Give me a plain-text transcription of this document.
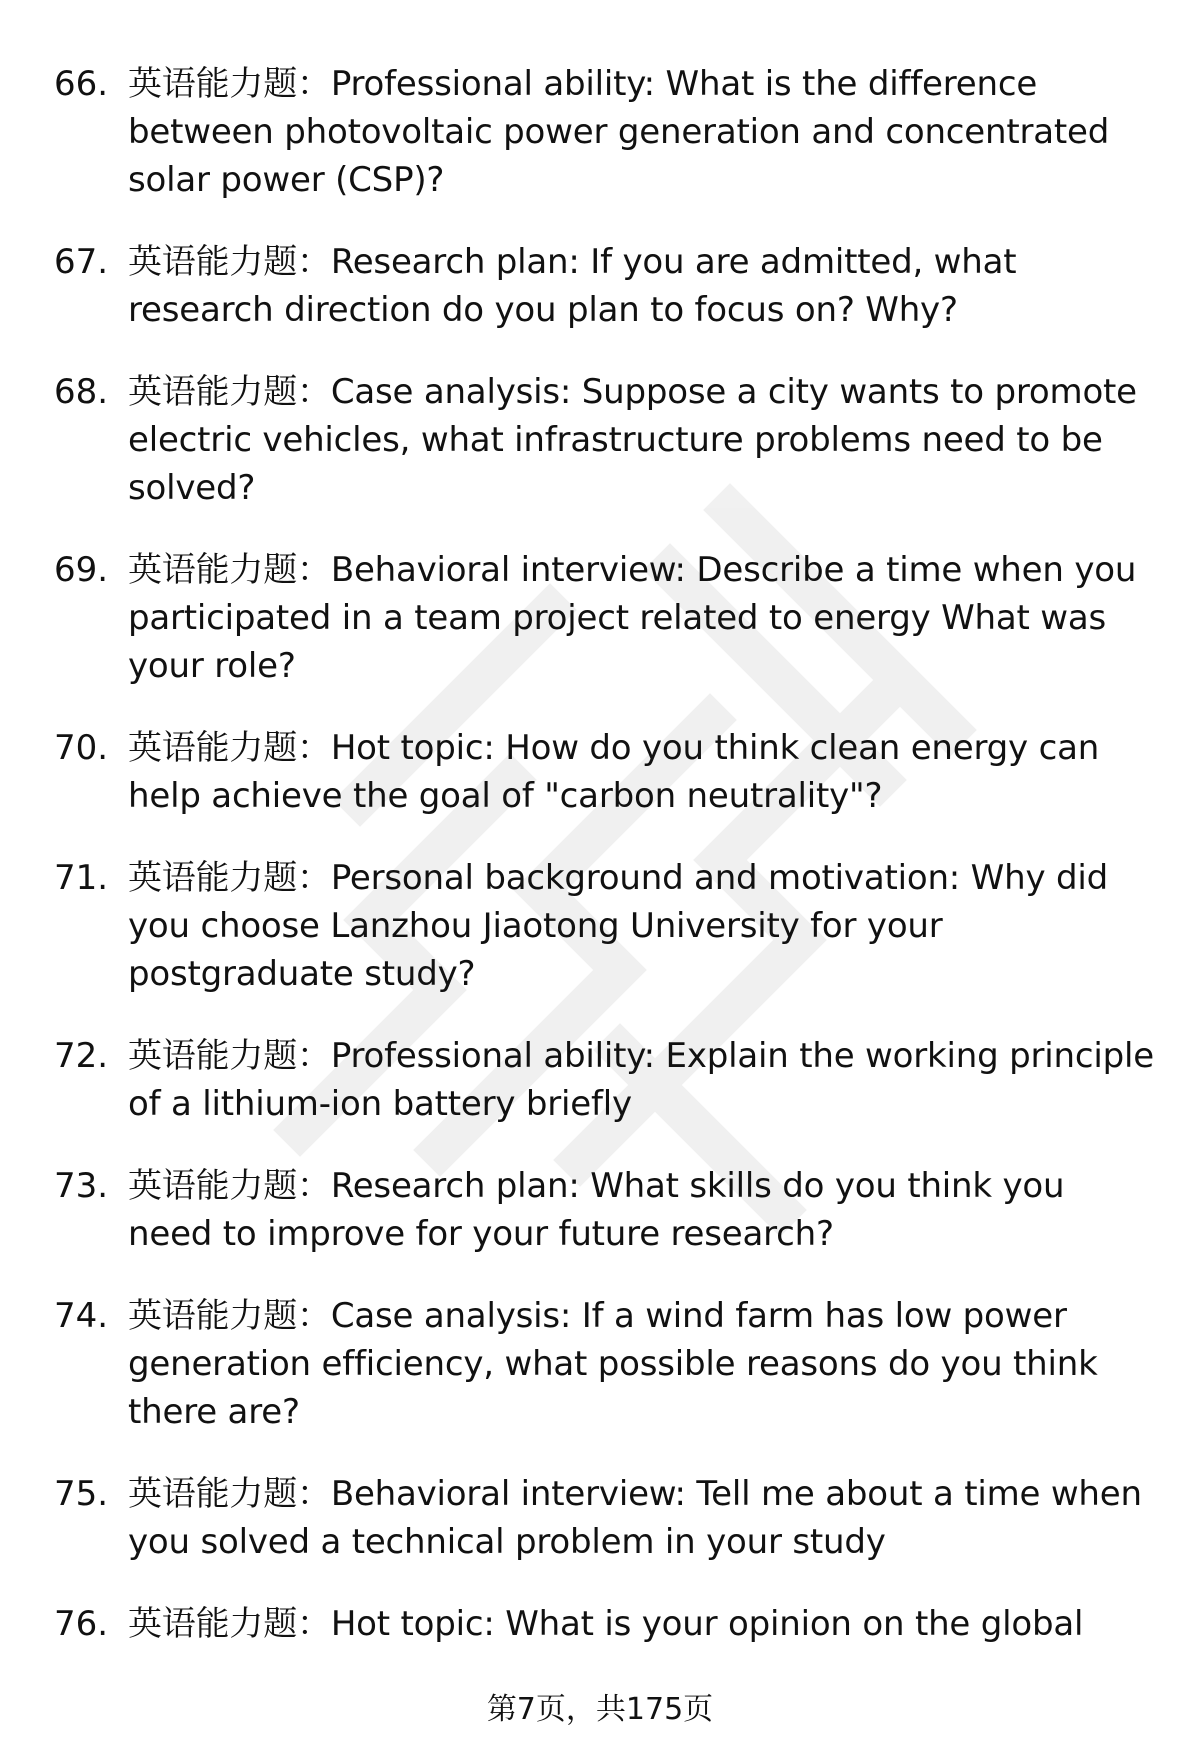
66. 英语能力题：Professional ability: What is the difference between photovoltaic power generation and concentrated solar power (CSP)?
67. 英语能力题：Research plan: If you are admitted, what research direction do you plan to focus on? Why?
68. 英语能力题：Case analysis: Suppose a city wants to promote electric vehicles, what infrastructure problems need to be solved?
69. 英语能力题：Behavioral interview: Describe a time when you participated in a team project related to energy What was your role?
70. 英语能力题：Hot topic: How do you think clean energy can help achieve the goal of "carbon neutrality"?
71. 英语能力题：Personal background and motivation: Why did you choose Lanzhou Jiaotong University for your postgraduate study?
72. 英语能力题：Professional ability: Explain the working principle of a lithium-ion battery briefly
73. 英语能力题：Research plan: What skills do you think you need to improve for your future research?
74. 英语能力题：Case analysis: If a wind farm has low power generation efficiency, what possible reasons do you think there are?
75. 英语能力题：Behavioral interview: Tell me about a time when you solved a technical problem in your study
76. 英语能力题：Hot topic: What is your opinion on the global
第7页，共175页
